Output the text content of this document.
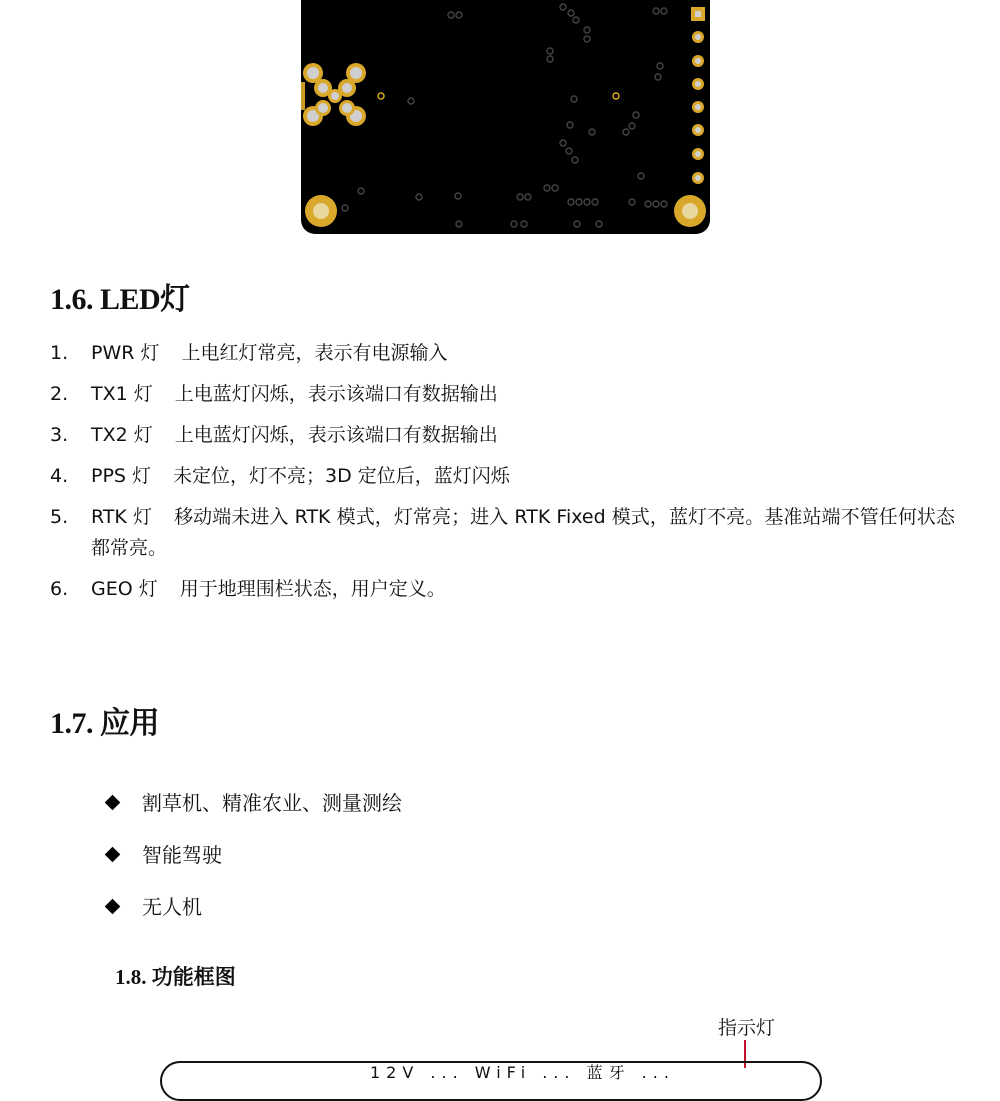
1.6. LED灯
1.	PWR 灯 上电红灯常亮，表示有电源输入
2.	TX1 灯 上电蓝灯闪烁，表示该端口有数据输出
3.	TX2 灯 上电蓝灯闪烁，表示该端口有数据输出
4.	PPS 灯 未定位，灯不亮；3D 定位后，蓝灯闪烁
5.	RTK 灯 移动端未进入 RTK 模式，灯常亮；进入 RTK Fixed 模式，蓝灯不亮。基准站端不管任何状态都常亮。
6.	GEO 灯 用于地理围栏状态，用户定义。
1.7. 应用
割草机、精准农业、测量测绘
智能驾驶
无人机
1.8. 功能框图
指示灯
12V ... WiFi ... 蓝牙 ...
